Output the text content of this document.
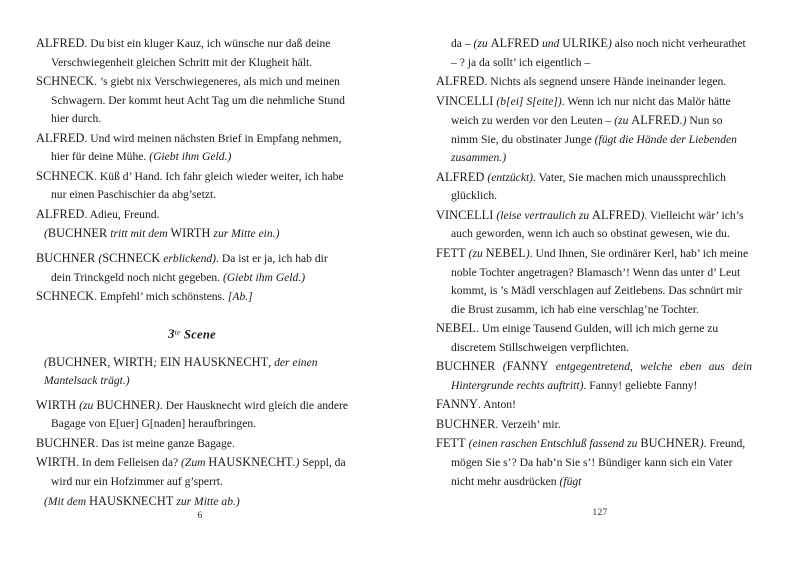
ALFRED. Du bist ein kluger Kauz, ich wünsche nur daß deine Verschwiegenheit gleichen Schritt mit der Klugheit hält.

SCHNECK. ’s giebt nix Verschwiegeneres, als mich und meinen Schwagern. Der kommt heut Acht Tag um die nehmliche Stund hier durch.

ALFRED. Und wird meinen nächsten Brief in Empfang nehmen, hier für deine Mühe. (Giebt ihm Geld.)

SCHNECK. Küß d’ Hand. Ich fahr gleich wieder weiter, ich habe nur einen Paschischier da abg’setzt.

ALFRED. Adieu, Freund.

(BUCHNER tritt mit dem WIRTH zur Mitte ein.)

BUCHNER (SCHNECK erblickend). Da ist er ja, ich hab dir dein Trinckgeld noch nicht gegeben. (Giebt ihm Geld.)

SCHNECK. Empfehl’ mich schönstens. [Ab.]

$3^{te}$ Scene

(BUCHNER, WIRTH; EIN HAUSKNECHT, der einen Mantelsack trägt.)

WIRTH (zu BUCHNER). Der Hausknecht wird gleich die andere Bagage von E[uer] G[naden] heraufbringen.

BUCHNER. Das ist meine ganze Bagage.

WIRTH. In dem Felleisen da? (Zum HAUSKNECHT.) Seppl, da wird nur ein Hofzimmer auf g’sperrt.

(Mit dem HAUSKNECHT zur Mitte ab.)

6

da – (zu ALFRED und ULRIKE) also noch nicht verheurathet – ? ja da sollt’ ich eigentlich –

ALFRED. Nichts als segnend unsere Hände ineinander legen.

VINCELLI (b[ei] S[eite]). Wenn ich nur nicht das Malör hätte weich zu werden vor den Leuten – (zu ALFRED.) Nun so nimm Sie, du obstinater Junge (fügt die Hände der Liebenden zusammen.)

ALFRED (entzückt). Vater, Sie machen mich unaussprechlich glücklich.

VINCELLI (leise vertraulich zu ALFRED). Vielleicht wär’ ich’s auch geworden, wenn ich auch so obstinat gewesen, wie du.

FETT (zu NEBEL). Und Ihnen, Sie ordinärer Kerl, hab’ ich meine noble Tochter angetragen? Blamasch’! Wenn das unter d’ Leut kommt, is ’s Mädl verschlagen auf Zeitlebens. Das schnürt mir die Brust zusamm, ich hab eine verschlag’ne Tochter.

NEBEL. Um einige Tausend Gulden, will ich mich gerne zu discretem Stillschweigen verpflichten.

BUCHNER (FANNY entgegentretend, welche eben aus dein Hintergrunde rechts auftritt). Fanny! geliebte Fanny!

FANNY. Anton!

BUCHNER. Verzeih’ mir.

FETT (einen raschen Entschluß fassend zu BUCHNER). Freund, mögen Sie s’? Da hab’n Sie s’! Bündiger kann sich ein Vater nicht mehr ausdrücken (fügt

127
